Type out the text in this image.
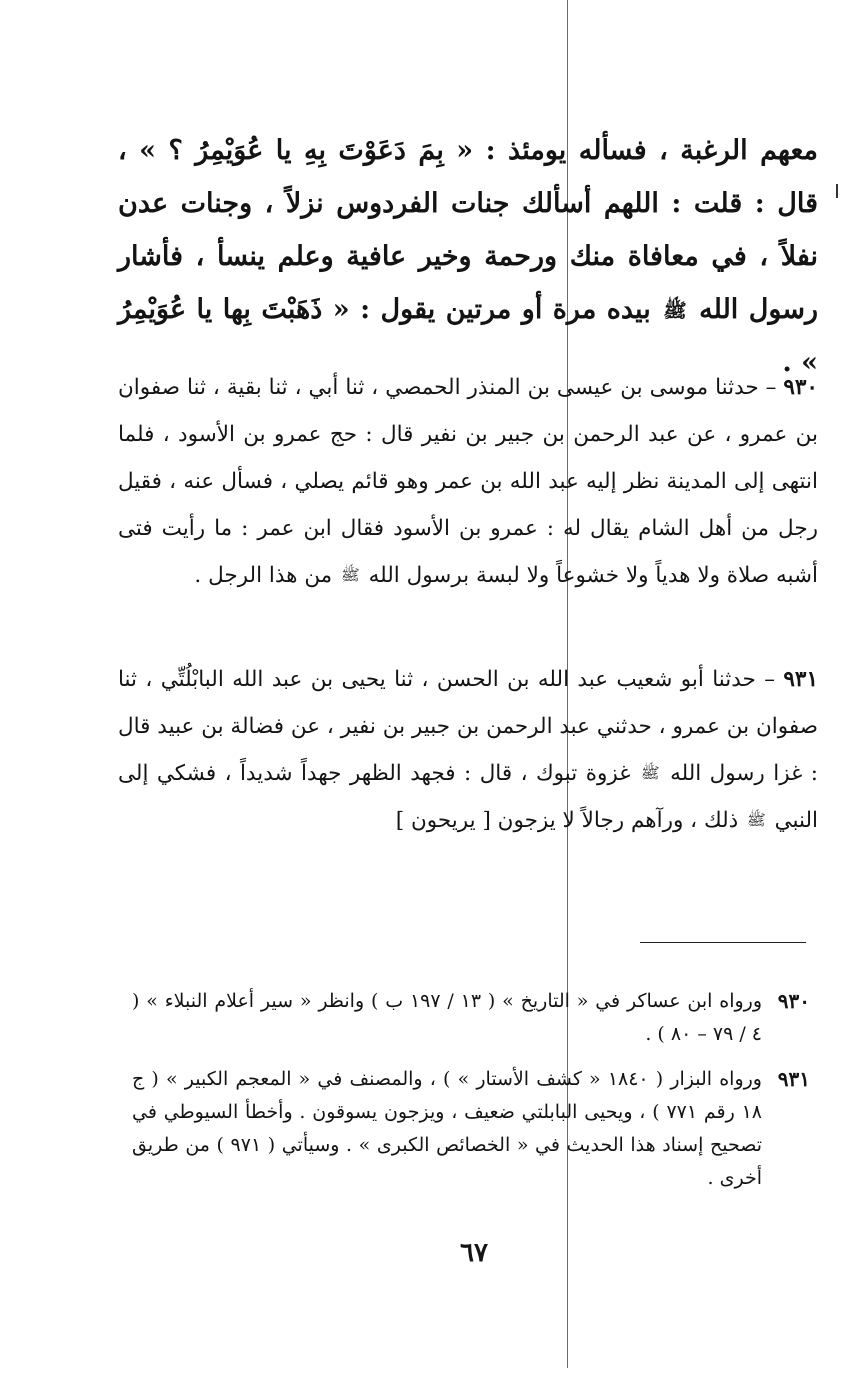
معهم الرغبة ، فسأله يومئذ : « بِمَ دَعَوْتَ بِهِ يا عُوَيْمِرُ ؟ » ، قال : قلت : اللهم أسألك جنات الفردوس نزلاً ، وجنات عدن نفلاً ، في معافاة منك ورحمة وخير عافية وعلم ينسأ ، فأشار رسول الله ﷺ بيده مرة أو مرتين يقول : « ذَهَبْتَ بِها يا عُوَيْمِرُ » .

٩٣٠ – حدثنا موسى بن عيسى بن المنذر الحمصي ، ثنا أبي ، ثنا بقية ، ثنا صفوان بن عمرو ، عن عبد الرحمن بن جبير بن نفير قال : حج عمرو بن الأسود ، فلما انتهى إلى المدينة نظر إليه عبد الله بن عمر وهو قائم يصلي ، فسأل عنه ، فقيل رجل من أهل الشام يقال له : عمرو بن الأسود فقال ابن عمر : ما رأيت فتى أشبه صلاة ولا هدياً ولا خشوعاً ولا لبسة برسول الله ﷺ من هذا الرجل .

٩٣١ – حدثنا أبو شعيب عبد الله بن الحسن ، ثنا يحيى بن عبد الله البابْلُتِّي ، ثنا صفوان بن عمرو ، حدثني عبد الرحمن بن جبير بن نفير ، عن فضالة بن عبيد قال : غزا رسول الله ﷺ غزوة تبوك ، قال : فجهد الظهر جهداً شديداً ، فشكي إلى النبي ﷺ ذلك ، ورآهم رجالاً لا يزجون [ يريحون ]

٩٣٠
ورواه ابن عساكر في « التاريخ » ( ١٣ / ١٩٧ ب ) وانظر « سير أعلام النبلاء » ( ٤ / ٧٩ – ٨٠ ) .
٩٣١
ورواه البزار ( ١٨٤٠ « كشف الأستار » ) ، والمصنف في « المعجم الكبير » ( ج ١٨ رقم ٧٧١ ) ، ويحيى البابلتي ضعيف ، ويزجون يسوقون . وأخطأ السيوطي في تصحيح إسناد هذا الحديث في « الخصائص الكبرى » . وسيأتي ( ٩٧١ ) من طريق أخرى .
٦٧
